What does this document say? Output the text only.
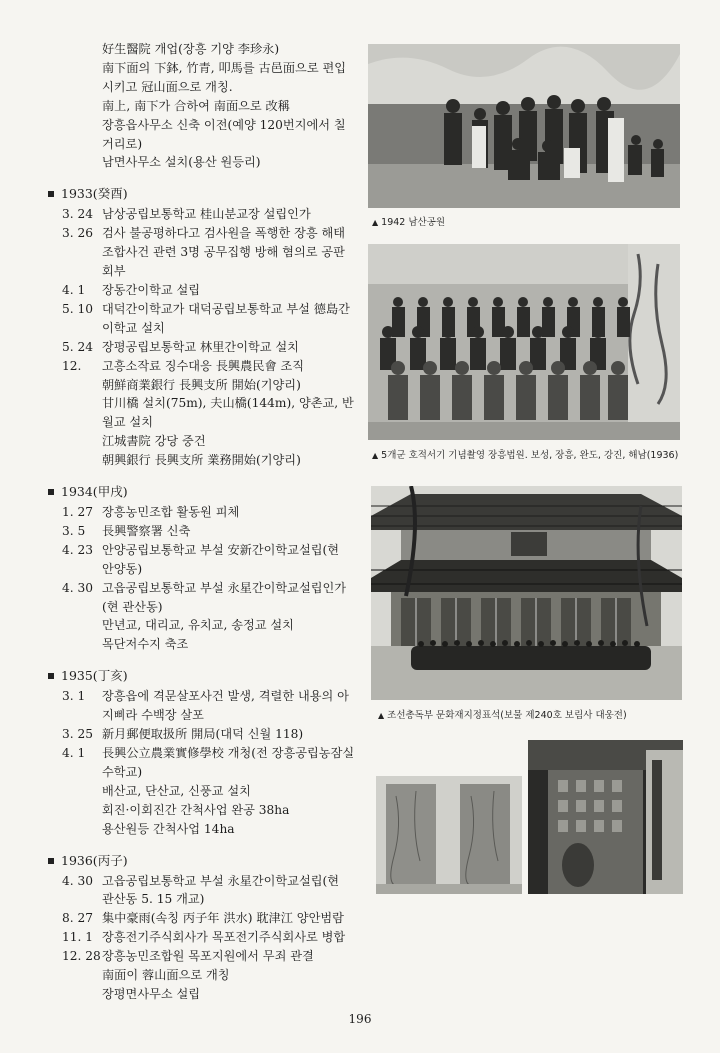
好生醫院 개업(장흥 기양 李珍永)
南下面의 下鉢, 竹青, 叩馬를 古邑面으로 편입
시키고 冠山面으로 개칭.
南上, 南下가 合하여 南面으로 改稱
장흥읍사무소 신축 이전(예양 120번지에서 칠
거리로)
남면사무소 설치(용산 원등리)
1933(癸酉)
3. 24 남상공립보통학교 桂山분교장 설립인가
3. 26 검사 불공평하다고 검사원을 폭행한 장흥 해태
조합사건 관련 3명 공무집행 방해 혐의로 공판
회부
4. 1	장동간이학교 설립
5. 10 대덕간이학교가 대덕공립보통학교 부설 德島간
이학교 설치
5. 24 장평공립보통학교 林里간이학교 설치
12.	고흥소작료 징수대응 長興農民會 조직
朝鮮商業銀行 長興支所 開始(기양리)
甘川橋 설치(75m), 夫山橋(144m), 양촌교, 반
월교 설치
江城書院 강당 중건
朝興銀行 長興支所 業務開始(기양리)
1934(甲戌)
1. 27 장흥농민조합 활동원 피체
3. 5	長興警察署 신축
4. 23 안양공립보통학교 부설 安新간이학교설립(현
안양동)
4. 30 고읍공립보통학교 부설 永星간이학교설립인가
(현 관산동)
만년교, 대리교, 유치교, 송정교 설치
목단저수지 축조
1935(丁亥)
3. 1	장흥읍에 격문살포사건 발생, 격렬한 내용의 아
지삐라 수백장 살포
3. 25 新月郵便取扱所 開局(대덕 신월 118)
4. 1	長興公立農業實修學校 개청(전 장흥공립농잠실
수학교)
배산교, 단산교, 신풍교 설치
회진·이회진간 간척사업 완공 38ha
용산원등 간척사업 14ha
1936(丙子)
4. 30 고읍공립보통학교 부설 永星간이학교설립(현
관산동 5. 15 개교)
8. 27 集中豪雨(속칭 丙子年 洪水) 耽津江 양안범람
11. 1 장흥전기주식회사가 목포전기주식회사로 병합
12. 28 장흥농민조합원 목포지원에서 무죄 관결
南面이 蓉山面으로 개칭
장평면사무소 설립
▲ 1942 남산공원
▲ 5개군 호적서기 기념촬영 장흥법원. 보성, 장흥, 완도, 강진, 해남(1936)
▲ 조선총독부 문화재지정표석(보물 제240호 보림사 대웅전)
196
